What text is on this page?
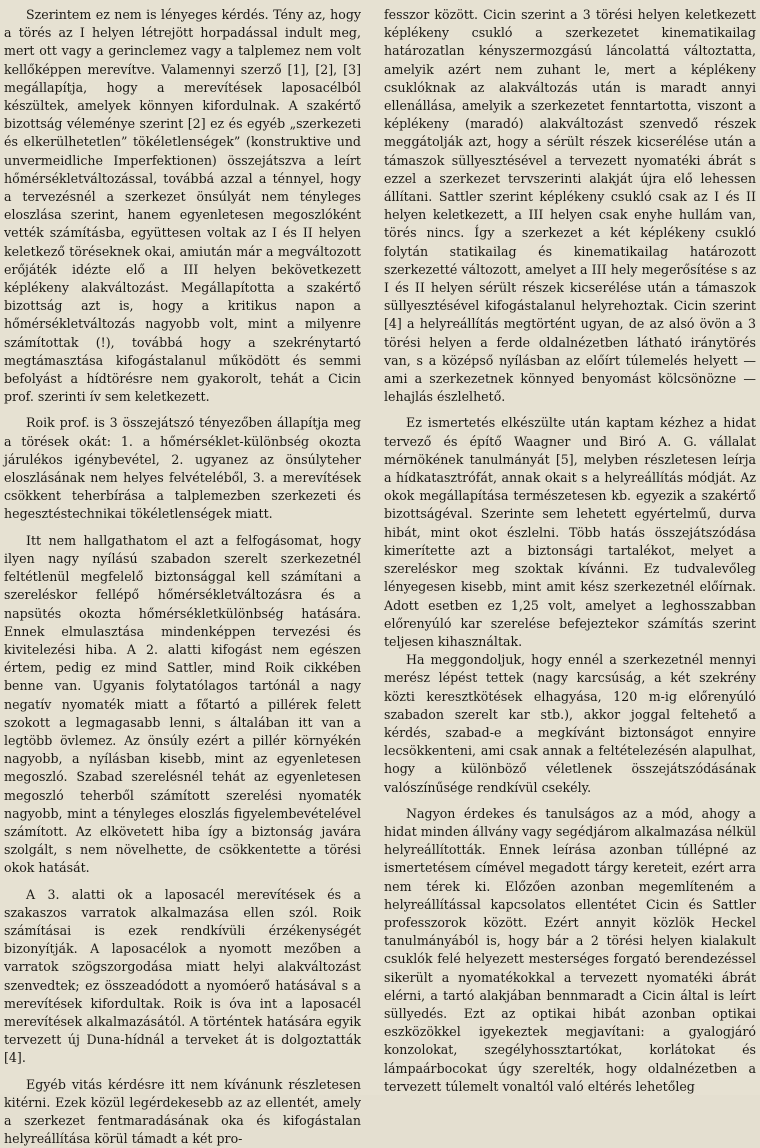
Szerintem ez nem is lényeges kérdés. Tény az, hogy a törés az I helyen létrejött horpadással indult meg, mert ott vagy a gerinclemez vagy a talplemez nem volt kellőképpen merevítve. Valamennyi szerző [1], [2], [3] megállapítja, hogy a merevítések laposacélból készültek, amelyek könnyen kifordulnak. A szakértő bizottság véleménye szerint [2] ez és egyéb „szerkezeti és elkerülhetetlen” tökéletlenségek” (konstruktive und unvermeidliche Imperfektionen) összejátszva a leírt hőmérsékletváltozással, továbbá azzal a ténnyel, hogy a tervezésnél a szerkezet önsúlyát nem tényleges eloszlása szerint, hanem egyenletesen megoszlóként vették számításba, együttesen voltak az I és II helyen keletkező töréseknek okai, amiután már a megváltozott erőjáték idézte elő a III helyen bekövetkezett képlékeny alakváltozást. Megállapította a szakértő bizottság azt is, hogy a kritikus napon a hőmérsékletváltozás nagyobb volt, mint a milyenre számítottak (!), továbbá hogy a szekrénytartó megtámasztása kifogástalanul működött és semmi befolyást a hídtörésre nem gyakorolt, tehát a Cicin prof. szerinti ív sem keletkezett.

Roik prof. is 3 összejátszó tényezőben állapítja meg a törések okát: 1. a hőmérséklet-különbség okozta járulékos igénybevétel, 2. ugyanez az önsúlyteher eloszlásának nem helyes felvételéből, 3. a merevítések csökkent teherbírása a talplemezben szerkezeti és hegesztéstechnikai tökéletlenségek miatt.

Itt nem hallgathatom el azt a felfogásomat, hogy ilyen nagy nyílású szabadon szerelt szerkezetnél feltétlenül megfelelő biztonsággal kell számítani a szereléskor fellépő hőmérsékletváltozásra és a napsütés okozta hőmérsékletkülönbség hatására. Ennek elmulasztása mindenképpen tervezési és kivitelezési hiba. A 2. alatti kifogást nem egészen értem, pedig ez mind Sattler, mind Roik cikkében benne van. Ugyanis folytatólagos tartónál a nagy negatív nyomaték miatt a főtartó a pillérek felett szokott a legmagasabb lenni, s általában itt van a legtöbb övlemez. Az önsúly ezért a pillér környékén nagyobb, a nyílásban kisebb, mint az egyenletesen megoszló. Szabad szerelésnél tehát az egyenletesen megoszló teherből számított szerelési nyomaték nagyobb, mint a tényleges eloszlás figyelembevételével számított. Az elkövetett hiba így a biztonság javára szolgált, s nem növelhette, de csökkentette a törési okok hatását.

A 3. alatti ok a laposacél merevítések és a szakaszos varratok alkalmazása ellen szól. Roik számításai is ezek rendkívüli érzékenységét bizonyítják. A laposacélok a nyomott mezőben a varratok szögszorgodása miatt helyi alakváltozást szenvedtek; ez összeadódott a nyomóerő hatásával s a merevítések kifordultak. Roik is óva int a laposacél merevítések alkalmazásától. A történtek hatására egyik tervezett új Duna-hídnál a terveket át is dolgoztatták [4].

Egyéb vitás kérdésre itt nem kívánunk részletesen kitérni. Ezek közül legérdekesebb az az ellentét, amely a szerkezet fentmaradásának oka és kifogástalan helyreállítása körül támadt a két pro-

fesszor között. Cicin szerint a 3 törési helyen keletkezett képlékeny csukló a szerkezetet kinematikailag határozatlan kényszermozgású láncolattá változtatta, amelyik azért nem zuhant le, mert a képlékeny csuklóknak az alakváltozás után is maradt annyi ellenállása, amelyik a szerkezetet fenntartotta, viszont a képlékeny (maradó) alakváltozást szenvedő részek meggátolják azt, hogy a sérült részek kicserélése után a támaszok süllyesztésével a tervezett nyomatéki ábrát s ezzel a szerkezet tervszerinti alakját újra elő lehessen állítani. Sattler szerint képlékeny csukló csak az I és II helyen keletkezett, a III helyen csak enyhe hullám van, törés nincs. Így a szerkezet a két képlékeny csukló folytán statikailag és kinematikailag határozott szerkezetté változott, amelyet a III hely megerősítése s az I és II helyen sérült részek kicserélése után a támaszok süllyesztésével kifogástalanul helyrehoztak. Cicin szerint [4] a helyreállítás megtörtént ugyan, de az alsó övön a 3 törési helyen a ferde oldalnézetben látható iránytörés van, s a középső nyílásban az előírt túlemelés helyett — ami a szerkezetnek könnyed benyomást kölcsönözne — lehajlás észlelhető.

Ez ismertetés elkészülte után kaptam kézhez a hidat tervező és építő Waagner und Biró A. G. vállalat mérnökének tanulmányát [5], melyben részletesen leírja a hídkatasztrófát, annak okait s a helyreállítás módját. Az okok megállapítása természetesen kb. egyezik a szakértő bizottságéval. Szerinte sem lehetett egyértelmű, durva hibát, mint okot észlelni. Több hatás összejátszódása kimerítette azt a biztonsági tartalékot, melyet a szereléskor meg szoktak kívánni. Ez tudvalevőleg lényegesen kisebb, mint amit kész szerkezetnél előírnak. Adott esetben ez 1,25 volt, amelyet a leghosszabban előrenyúló kar szerelése befejeztekor számítás szerint teljesen kihasználtak.

Ha meggondoljuk, hogy ennél a szerkezetnél mennyi merész lépést tettek (nagy karcsúság, a két szekrény közti keresztkötések elhagyása, 120 m-ig előrenyúló szabadon szerelt kar stb.), akkor joggal feltehető a kérdés, szabad-e a megkívánt biztonságot ennyire lecsökkenteni, ami csak annak a feltételezésén alapulhat, hogy a különböző véletlenek összejátszódásának valószínűsége rendkívül csekély.

Nagyon érdekes és tanulságos az a mód, ahogy a hidat minden állvány vagy segédjárom alkalmazása nélkül helyreállították. Ennek leírása azonban túllépné az ismertetésem címével megadott tárgy kereteit, ezért arra nem térek ki. Előzően azonban megemlíteném a helyreállítással kapcsolatos ellentétet Cicin és Sattler professzorok között. Ezért annyit közlök Heckel tanulmányából is, hogy bár a 2 törési helyen kialakult csuklók felé helyezett mesterséges forgató berendezéssel sikerült a nyomatékokkal a tervezett nyomatéki ábrát elérni, a tartó alakjában bennmaradt a Cicin által is leírt süllyedés. Ezt az optikai hibát azonban optikai eszközökkel igyekeztek megjavítani: a gyalogjáró konzolokat, szegélyhossztartókat, korlátokat és lámpaárbocokat úgy szerelték, hogy oldalnézetben a tervezett túlemelt vonaltól való eltérés lehetőleg
